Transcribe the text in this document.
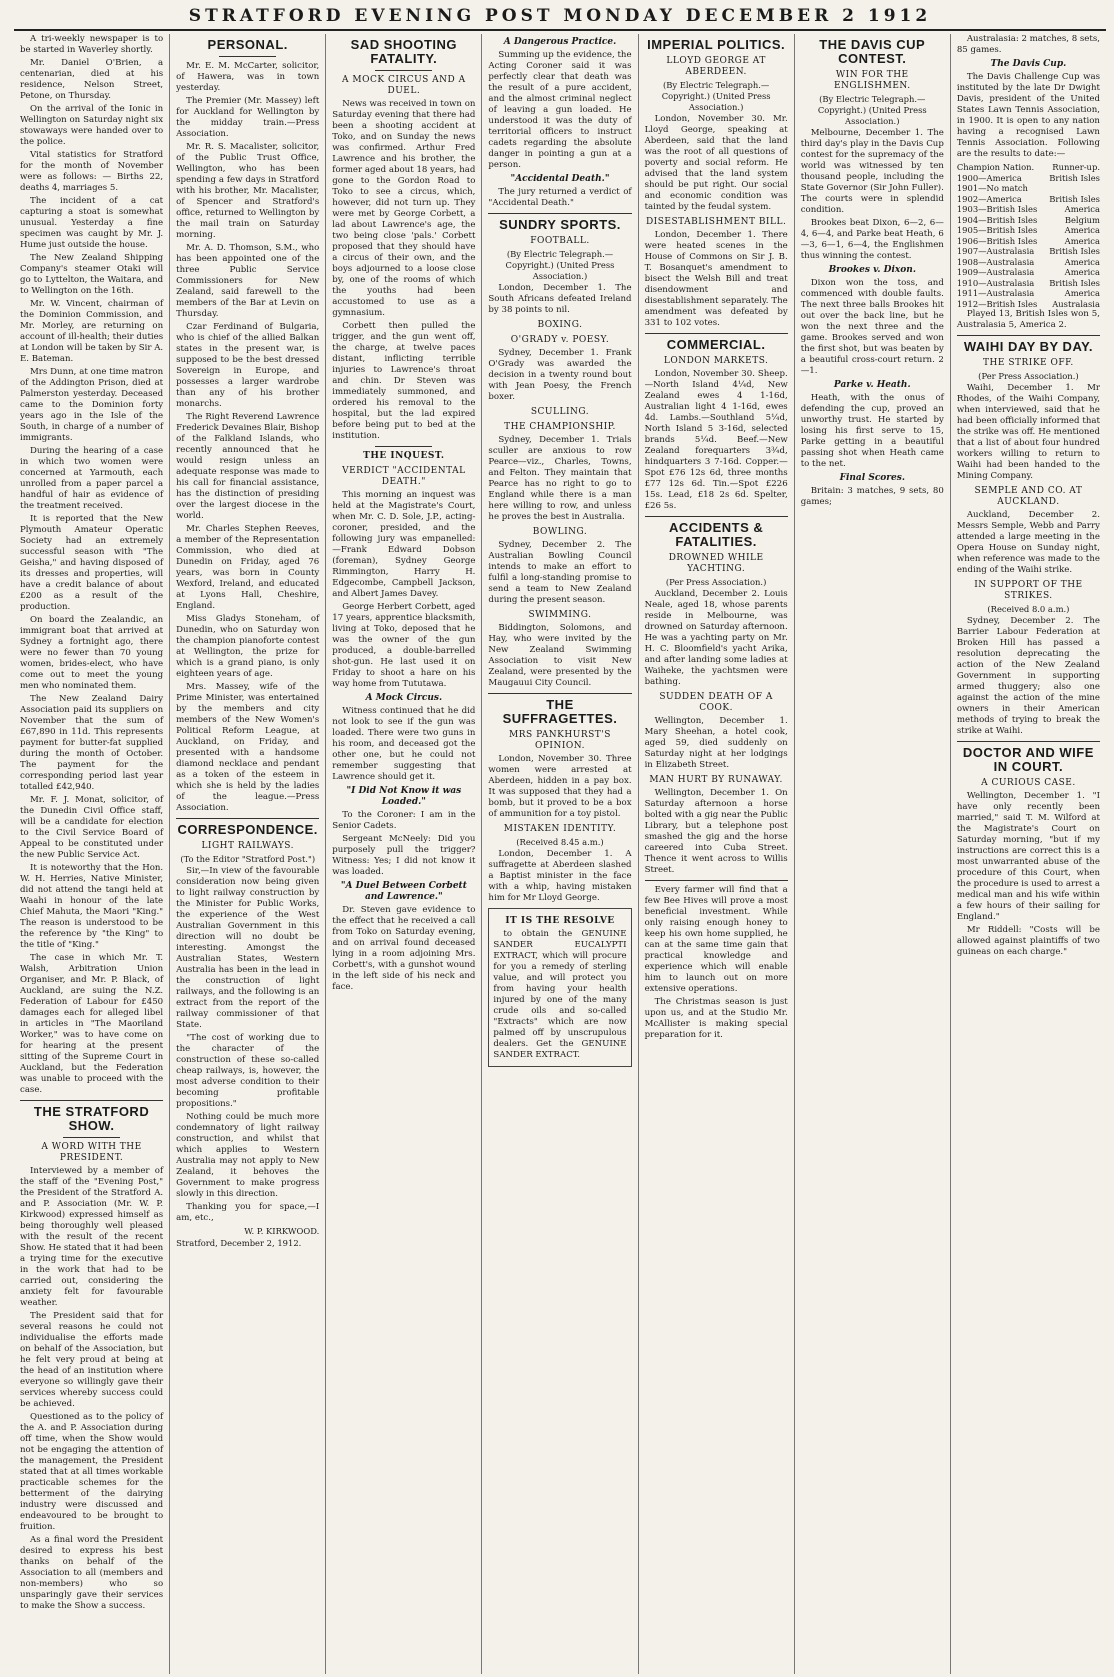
STRATFORD EVENING POST MONDAY DECEMBER 2 1912

A tri-weekly newspaper is to be started in Waverley shortly.

Mr. Daniel O'Brien, a centenarian, died at his residence, Nelson Street, Petone, on Thursday.

On the arrival of the Ionic in Wellington on Saturday night six stowaways were handed over to the police.

Vital statistics for Stratford for the month of November were as follows: — Births 22, deaths 4, marriages 5.

The incident of a cat capturing a stoat is somewhat unusual. Yesterday a fine specimen was caught by Mr. J. Hume just outside the house.

The New Zealand Shipping Company's steamer Otaki will go to Lyttelton, the Waitara, and to Wellington on the 16th.

Mr. W. Vincent, chairman of the Dominion Commission, and Mr. Morley, are returning on account of ill-health; their duties at London will be taken by Sir A. E. Bateman.

Mrs Dunn, at one time matron of the Addington Prison, died at Palmerston yesterday. Deceased came to the Dominion forty years ago in the Isle of the South, in charge of a number of immigrants.

During the hearing of a case in which two women were concerned at Yarmouth, each unrolled from a paper parcel a handful of hair as evidence of the treatment received.

It is reported that the New Plymouth Amateur Operatic Society had an extremely successful season with "The Geisha," and having disposed of its dresses and properties, will have a credit balance of about £200 as a result of the production.

On board the Zealandic, an immigrant boat that arrived at Sydney a fortnight ago, there were no fewer than 70 young women, brides-elect, who have come out to meet the young men who nominated them.

The New Zealand Dairy Association paid its suppliers on November that the sum of £67,890 in 11d. This represents payment for butter-fat supplied during the month of October. The payment for the corresponding period last year totalled £42,940.

Mr. F. J. Monat, solicitor, of the Dunedin Civil Office staff, will be a candidate for election to the Civil Service Board of Appeal to be constituted under the new Public Service Act.

It is noteworthy that the Hon. W. H. Herries, Native Minister, did not attend the tangi held at Waahi in honour of the late Chief Mahuta, the Maori "King." The reason is understood to be the reference by "the King" to the title of "King."

The case in which Mr. T. Walsh, Arbitration Union Organiser, and Mr. P. Black, of Auckland, are suing the N.Z. Federation of Labour for £450 damages each for alleged libel in articles in "The Maoriland Worker," was to have come on for hearing at the present sitting of the Supreme Court in Auckland, but the Federation was unable to proceed with the case.

THE STRATFORD SHOW.
A WORD WITH THE PRESIDENT.

Interviewed by a member of the staff of the "Evening Post," the President of the Stratford A. and P. Association (Mr. W. P. Kirkwood) expressed himself as being thoroughly well pleased with the result of the recent Show. He stated that it had been a trying time for the executive in the work that had to be carried out, considering the anxiety felt for favourable weather.

The President said that for several reasons he could not individualise the efforts made on behalf of the Association, but he felt very proud at being at the head of an institution where everyone so willingly gave their services whereby success could be achieved.

Questioned as to the policy of the A. and P. Association during off time, when the Show would not be engaging the attention of the management, the President stated that at all times workable practicable schemes for the betterment of the dairying industry were discussed and endeavoured to be brought to fruition.

As a final word the President desired to express his best thanks on behalf of the Association to all (members and non-members) who so unsparingly gave their services to make the Show a success.

PERSONAL.

Mr. E. M. McCarter, solicitor, of Hawera, was in town yesterday.

The Premier (Mr. Massey) left for Auckland for Wellington by the midday train.—Press Association.

Mr. R. S. Macalister, solicitor, of the Public Trust Office, Wellington, who has been spending a few days in Stratford with his brother, Mr. Macalister, of Spencer and Stratford's office, returned to Wellington by the mail train on Saturday morning.

Mr. A. D. Thomson, S.M., who has been appointed one of the three Public Service Commissioners for New Zealand, said farewell to the members of the Bar at Levin on Thursday.

Czar Ferdinand of Bulgaria, who is chief of the allied Balkan states in the present war, is supposed to be the best dressed Sovereign in Europe, and possesses a larger wardrobe than any of his brother monarchs.

The Right Reverend Lawrence Frederick Devaines Blair, Bishop of the Falkland Islands, who recently announced that he would resign unless an adequate response was made to his call for financial assistance, has the distinction of presiding over the largest diocese in the world.

Mr. Charles Stephen Reeves, a member of the Representation Commission, who died at Dunedin on Friday, aged 76 years, was born in County Wexford, Ireland, and educated at Lyons Hall, Cheshire, England.

Miss Gladys Stoneham, of Dunedin, who on Saturday won the champion pianoforte contest at Wellington, the prize for which is a grand piano, is only eighteen years of age.

Mrs. Massey, wife of the Prime Minister, was entertained by the members and city members of the New Women's Political Reform League, at Auckland, on Friday, and presented with a handsome diamond necklace and pendant as a token of the esteem in which she is held by the ladies of the league.—Press Association.

CORRESPONDENCE.
LIGHT RAILWAYS.
(To the Editor "Stratford Post.")

Sir,—In view of the favourable consideration now being given to light railway construction by the Minister for Public Works, the experience of the West Australian Government in this direction will no doubt be interesting. Amongst the Australian States, Western Australia has been in the lead in the construction of light railways, and the following is an extract from the report of the railway commissioner of that State.

"The cost of working due to the character of the construction of these so-called cheap railways, is, however, the most adverse condition to their becoming profitable propositions."

Nothing could be much more condemnatory of light railway construction, and whilst that which applies to Western Australia may not apply to New Zealand, it behoves the Government to make progress slowly in this direction.

Thanking you for space,—I am, etc.,

W. P. KIRKWOOD.
Stratford, December 2, 1912.
SAD SHOOTING FATALITY.
A MOCK CIRCUS AND A DUEL.

News was received in town on Saturday evening that there had been a shooting accident at Toko, and on Sunday the news was confirmed. Arthur Fred Lawrence and his brother, the former aged about 18 years, had gone to the Gordon Road to Toko to see a circus, which, however, did not turn up. They were met by George Corbett, a lad about Lawrence's age, the two being close 'pals.' Corbett proposed that they should have a circus of their own, and the boys adjourned to a loose close by, one of the rooms of which the youths had been accustomed to use as a gymnasium.

Corbett then pulled the trigger, and the gun went off, the charge, at twelve paces distant, inflicting terrible injuries to Lawrence's throat and chin. Dr Steven was immediately summoned, and ordered his removal to the hospital, but the lad expired before being put to bed at the institution.

THE INQUEST.
VERDICT "ACCIDENTAL DEATH."

This morning an inquest was held at the Magistrate's Court, when Mr. C. D. Sole, J.P., acting-coroner, presided, and the following jury was empanelled:—Frank Edward Dobson (foreman), Sydney George Rimmington, Harry H. Edgecombe, Campbell Jackson, and Albert James Davey.

George Herbert Corbett, aged 17 years, apprentice blacksmith, living at Toko, deposed that he was the owner of the gun produced, a double-barrelled shot-gun. He last used it on Friday to shoot a hare on his way home from Tututawa.

A Mock Circus.

Witness continued that he did not look to see if the gun was loaded. There were two guns in his room, and deceased got the other one, but he could not remember suggesting that Lawrence should get it.

"I Did Not Know it was Loaded."

To the Coroner: I am in the Senior Cadets.

Sergeant McNeely: Did you purposely pull the trigger? Witness: Yes; I did not know it was loaded.

"A Duel Between Corbett and Lawrence."

Dr. Steven gave evidence to the effect that he received a call from Toko on Saturday evening, and on arrival found deceased lying in a room adjoining Mrs. Corbett's, with a gunshot wound in the left side of his neck and face.

A Dangerous Practice.

Summing up the evidence, the Acting Coroner said it was perfectly clear that death was the result of a pure accident, and the almost criminal neglect of leaving a gun loaded. He understood it was the duty of territorial officers to instruct cadets regarding the absolute danger in pointing a gun at a person.

"Accidental Death."

The jury returned a verdict of "Accidental Death."

SUNDRY SPORTS.
FOOTBALL.
(By Electric Telegraph.—Copyright.) (United Press Association.)

London, December 1. The South Africans defeated Ireland by 38 points to nil.

BOXING.
O'GRADY v. POESY.

Sydney, December 1. Frank O'Grady was awarded the decision in a twenty round bout with Jean Poesy, the French boxer.

SCULLING.
THE CHAMPIONSHIP.

Sydney, December 1. Trials sculler are anxious to row Pearce—viz., Charles, Towns, and Felton. They maintain that Pearce has no right to go to England while there is a man here willing to row, and unless he proves the best in Australia.

BOWLING.

Sydney, December 2. The Australian Bowling Council intends to make an effort to fulfil a long-standing promise to send a team to New Zealand during the present season.

SWIMMING.

Biddington, Solomons, and Hay, who were invited by the New Zealand Swimming Association to visit New Zealand, were presented by the Maugauui City Council.

THE SUFFRAGETTES.
MRS PANKHURST'S OPINION.

London, November 30. Three women were arrested at Aberdeen, hidden in a pay box. It was supposed that they had a bomb, but it proved to be a box of ammunition for a toy pistol.

MISTAKEN IDENTITY.
(Received 8.45 a.m.)

London, December 1. A suffragette at Aberdeen slashed a Baptist minister in the face with a whip, having mistaken him for Mr Lloyd George.

IT IS THE RESOLVE

to obtain the GENUINE SANDER EUCALYPTI EXTRACT, which will procure for you a remedy of sterling value, and will protect you from having your health injured by one of the many crude oils and so-called "Extracts" which are now palmed off by unscrupulous dealers. Get the GENUINE SANDER EXTRACT.

IMPERIAL POLITICS.
LLOYD GEORGE AT ABERDEEN.
(By Electric Telegraph.—Copyright.) (United Press Association.)

London, November 30. Mr. Lloyd George, speaking at Aberdeen, said that the land was the root of all questions of poverty and social reform. He advised that the land system should be put right. Our social and economic condition was tainted by the feudal system.

DISESTABLISHMENT BILL.

London, December 1. There were heated scenes in the House of Commons on Sir J. B. T. Bosanquet's amendment to bisect the Welsh Bill and treat disendowment and disestablishment separately. The amendment was defeated by 331 to 102 votes.

COMMERCIAL.
LONDON MARKETS.

London, November 30. Sheep.—North Island 4¼d, New Zealand ewes 4 1-16d, Australian light 4 1-16d, ewes 4d. Lambs.—Southland 5¼d, North Island 5 3-16d, selected brands 5¼d. Beef.—New Zealand forequarters 3¾d, hindquarters 3 7-16d. Copper.—Spot £76 12s 6d, three months £77 12s 6d. Tin.—Spot £226 15s. Lead, £18 2s 6d. Spelter, £26 5s.

ACCIDENTS & FATALITIES.
DROWNED WHILE YACHTING.
(Per Press Association.)

Auckland, December 2. Louis Neale, aged 18, whose parents reside in Melbourne, was drowned on Saturday afternoon. He was a yachting party on Mr. H. C. Bloomfield's yacht Arika, and after landing some ladies at Waiheke, the yachtsmen were bathing.

SUDDEN DEATH OF A COOK.

Wellington, December 1. Mary Sheehan, a hotel cook, aged 59, died suddenly on Saturday night at her lodgings in Elizabeth Street.

MAN HURT BY RUNAWAY.

Wellington, December 1. On Saturday afternoon a horse bolted with a gig near the Public Library, but a telephone post smashed the gig and the horse careered into Cuba Street. Thence it went across to Willis Street.

Every farmer will find that a few Bee Hives will prove a most beneficial investment. While only raising enough honey to keep his own home supplied, he can at the same time gain that practical knowledge and experience which will enable him to launch out on more extensive operations.

The Christmas season is just upon us, and at the Studio Mr. McAllister is making special preparation for it.

THE DAVIS CUP CONTEST.
WIN FOR THE ENGLISHMEN.
(By Electric Telegraph.—Copyright.) (United Press Association.)

Melbourne, December 1. The third day's play in the Davis Cup contest for the supremacy of the world was witnessed by ten thousand people, including the State Governor (Sir John Fuller). The courts were in splendid condition.

Brookes beat Dixon, 6—2, 6—4, 6—4, and Parke beat Heath, 6—3, 6—1, 6—4, the Englishmen thus winning the contest.

Brookes v. Dixon.

Dixon won the toss, and commenced with double faults. The next three balls Brookes hit out over the back line, but he won the next three and the game. Brookes served and won the first shot, but was beaten by a beautiful cross-court return. 2—1.

Parke v. Heath.

Heath, with the onus of defending the cup, proved an unworthy trust. He started by losing his first serve to 15, Parke getting in a beautiful passing shot when Heath came to the net.

Final Scores.

Britain: 3 matches, 9 sets, 80 games;

Australasia: 2 matches, 8 sets, 85 games.

The Davis Cup.

The Davis Challenge Cup was instituted by the late Dr Dwight Davis, president of the United States Lawn Tennis Association, in 1900. It is open to any nation having a recognised Lawn Tennis Association. Following are the results to date:—

Champion Nation.	Runner-up.
1900—America	British Isles
1901—No match	
1902—America	British Isles
1903—British Isles	America
1904—British Isles	Belgium
1905—British Isles	America
1906—British Isles	America
1907—Australasia	British Isles
1908—Australasia	America
1909—Australasia	America
1910—Australasia	British Isles
1911—Australasia	America
1912—British Isles	Australasia

Played 13, British Isles won 5, Australasia 5, America 2.

WAIHI DAY BY DAY.
THE STRIKE OFF.
(Per Press Association.)

Waihi, December 1. Mr Rhodes, of the Waihi Company, when interviewed, said that he had been officially informed that the strike was off. He mentioned that a list of about four hundred workers willing to return to Waihi had been handed to the Mining Company.

SEMPLE AND CO. AT AUCKLAND.

Auckland, December 2. Messrs Semple, Webb and Parry attended a large meeting in the Opera House on Sunday night, when reference was made to the ending of the Waihi strike.

IN SUPPORT OF THE STRIKES.
(Received 8.0 a.m.)

Sydney, December 2. The Barrier Labour Federation at Broken Hill has passed a resolution deprecating the action of the New Zealand Government in supporting armed thuggery; also one against the action of the mine owners in their American methods of trying to break the strike at Waihi.

DOCTOR AND WIFE IN COURT.
A CURIOUS CASE.

Wellington, December 1. "I have only recently been married," said T. M. Wilford at the Magistrate's Court on Saturday morning, "but if my instructions are correct this is a most unwarranted abuse of the procedure of this Court, when the procedure is used to arrest a medical man and his wife within a few hours of their sailing for England."

Mr Riddell: "Costs will be allowed against plaintiffs of two guineas on each charge."
